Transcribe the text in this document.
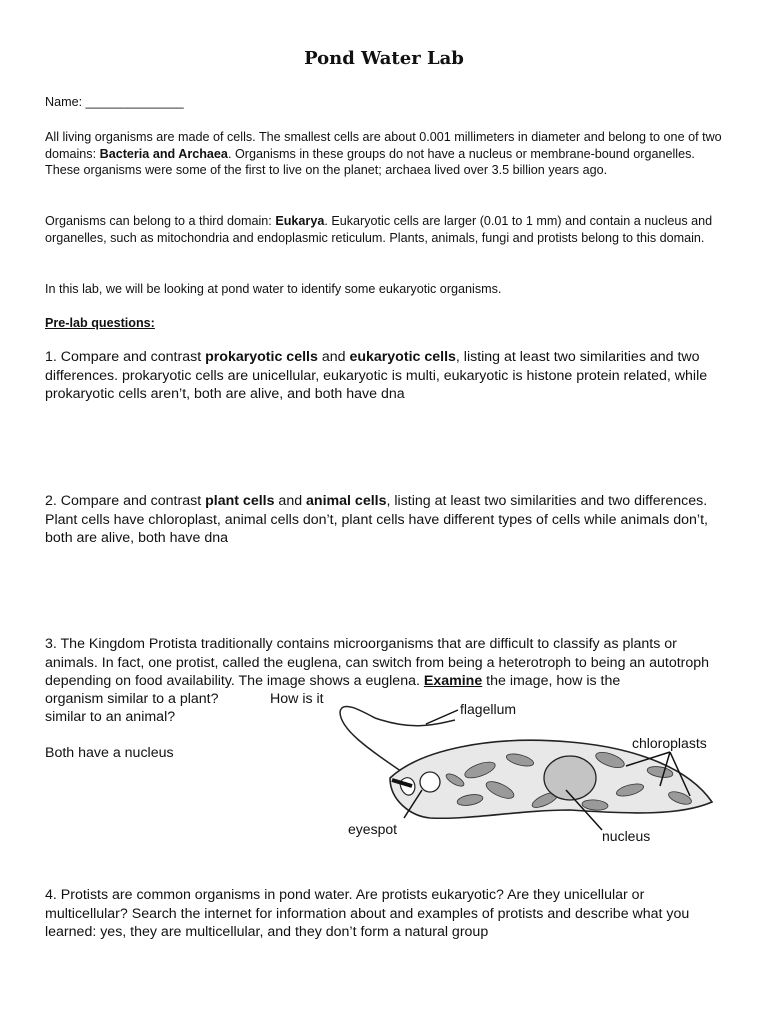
Pond Water Lab
Name: ______________
All living organisms are made of cells. The smallest cells are about 0.001 millimeters in diameter and belong to one of two domains: Bacteria and Archaea. Organisms in these groups do not have a nucleus or membrane-bound organelles. These organisms were some of the first to live on the planet; archaea lived over 3.5 billion years ago.
Organisms can belong to a third domain: Eukarya. Eukaryotic cells are larger (0.01 to 1 mm) and contain a nucleus and organelles, such as mitochondria and endoplasmic reticulum. Plants, animals, fungi and protists belong to this domain.
In this lab, we will be looking at pond water to identify some eukaryotic organisms.
Pre-lab questions:
1. Compare and contrast prokaryotic cells and eukaryotic cells, listing at least two similarities and two differences. prokaryotic cells are unicellular, eukaryotic is multi, eukaryotic is histone protein related, while prokaryotic cells aren’t, both are alive, and both have dna
2. Compare and contrast plant cells and animal cells, listing at least two similarities and two differences. Plant cells have chloroplast, animal cells don’t, plant cells have different types of cells while animals don’t, both are alive, both have dna
3. The Kingdom Protista traditionally contains microorganisms that are difficult to classify as plants or animals. In fact, one protist, called the euglena, can switch from being a heterotroph to being an autotroph depending on food availability. The image shows a euglena. Examine the image, how is the
organism similar to a plant?	How is it
similar to an animal?
Both have a nucleus
flagellum
chloroplasts
eyespot	nucleus
4. Protists are common organisms in pond water. Are protists eukaryotic? Are they unicellular or multicellular? Search the internet for information about and examples of protists and describe what you learned: yes, they are multicellular, and they don’t form a natural group
